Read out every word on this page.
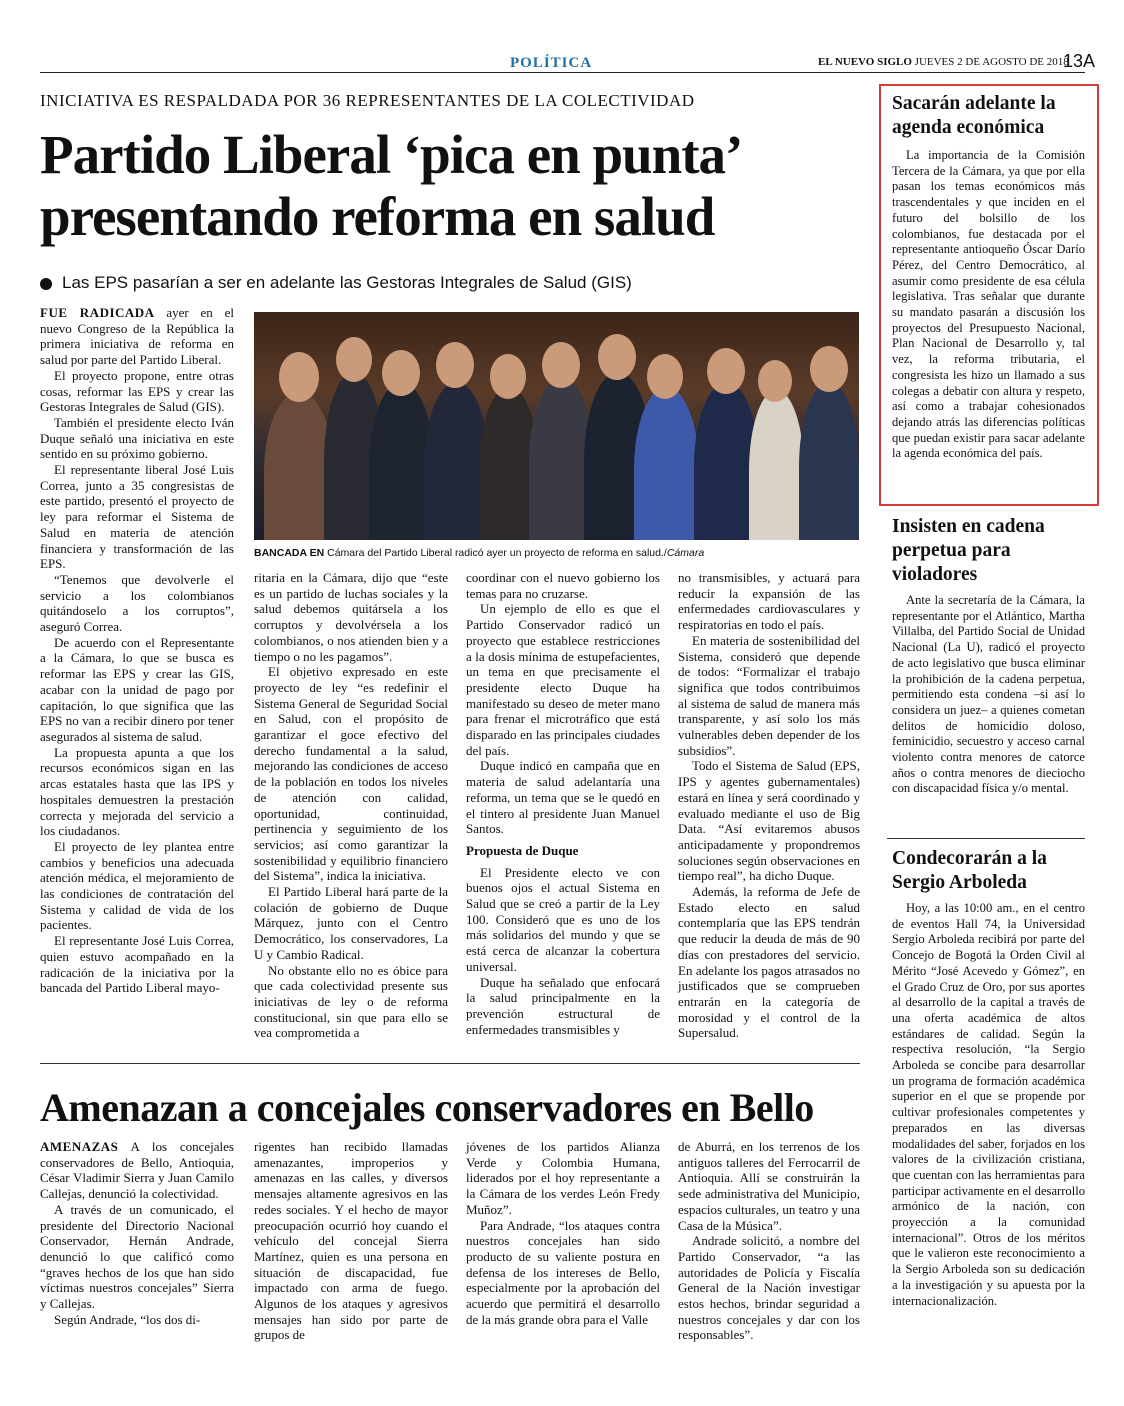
POLÍTICA	EL NUEVO SIGLO JUEVES 2 DE AGOSTO DE 2018
13A
INICIATIVA ES RESPALDADA POR 36 REPRESENTANTES DE LA COLECTIVIDAD
Partido Liberal ‘pica en punta’ presentando reforma en salud
Las EPS pasarían a ser en adelante las Gestoras Integrales de Salud (GIS)

FUE RADICADA ayer en el nuevo Congreso de la República la primera iniciativa de reforma en salud por parte del Partido Liberal.

El proyecto propone, entre otras cosas, reformar las EPS y crear las Gestoras Integrales de Salud (GIS).

También el presidente electo Iván Duque señaló una iniciativa en este sentido en su próximo gobierno.

El representante liberal José Luis Correa, junto a 35 congresistas de este partido, presentó el proyecto de ley para reformar el Sistema de Salud en materia de atención financiera y transformación de las EPS.

“Tenemos que devolverle el servicio a los colombianos quitándoselo a los corruptos”, aseguró Correa.

De acuerdo con el Representante a la Cámara, lo que se busca es reformar las EPS y crear las GIS, acabar con la unidad de pago por capitación, lo que significa que las EPS no van a recibir dinero por tener asegurados al sistema de salud.

La propuesta apunta a que los recursos económicos sigan en las arcas estatales hasta que las IPS y hospitales demuestren la prestación correcta y mejorada del servicio a los ciudadanos.

El proyecto de ley plantea entre cambios y beneficios una adecuada atención médica, el mejoramiento de las condiciones de contratación del Sistema y calidad de vida de los pacientes.

El representante José Luis Correa, quien estuvo acompañado en la radicación de la iniciativa por la bancada del Partido Liberal mayo-

BANCADA EN Cámara del Partido Liberal radicó ayer un proyecto de reforma en salud./Cámara

ritaria en la Cámara, dijo que “este es un partido de luchas sociales y la salud debemos quitársela a los corruptos y devolvérsela a los colombianos, o nos atienden bien y a tiempo o no les pagamos”.

El objetivo expresado en este proyecto de ley “es redefinir el Sistema General de Seguridad Social en Salud, con el propósito de garantizar el goce efectivo del derecho fundamental a la salud, mejorando las condiciones de acceso de la población en todos los niveles de atención con calidad, oportunidad, continuidad, pertinencia y seguimiento de los servicios; así como garantizar la sostenibilidad y equilibrio financiero del Sistema”, indica la iniciativa.

El Partido Liberal hará parte de la colación de gobierno de Duque Márquez, junto con el Centro Democrático, los conservadores, La U y Cambio Radical.

No obstante ello no es óbice para que cada colectividad presente sus iniciativas de ley o de reforma constitucional, sin que para ello se vea comprometida a

coordinar con el nuevo gobierno los temas para no cruzarse.

Un ejemplo de ello es que el Partido Conservador radicó un proyecto que establece restricciones a la dosis mínima de estupefacientes, un tema en que precisamente el presidente electo Duque ha manifestado su deseo de meter mano para frenar el microtráfico que está disparado en las principales ciudades del país.

Duque indicó en campaña que en materia de salud adelantaría una reforma, un tema que se le quedó en el tintero al presidente Juan Manuel Santos.

Propuesta de Duque

El Presidente electo ve con buenos ojos el actual Sistema en Salud que se creó a partir de la Ley 100. Consideró que es uno de los más solidarios del mundo y que se está cerca de alcanzar la cobertura universal.

Duque ha señalado que enfocará la salud principalmente en la prevención estructural de enfermedades transmisibles y

no transmisibles, y actuará para reducir la expansión de las enfermedades cardiovasculares y respiratorias en todo el país.

En materia de sostenibilidad del Sistema, consideró que depende de todos: “Formalizar el trabajo significa que todos contribuimos al sistema de salud de manera más transparente, y así solo los más vulnerables deben depender de los subsidios”.

Todo el Sistema de Salud (EPS, IPS y agentes gubernamentales) estará en línea y será coordinado y evaluado mediante el uso de Big Data. “Así evitaremos abusos anticipadamente y propondremos soluciones según observaciones en tiempo real”, ha dicho Duque.

Además, la reforma de Jefe de Estado electo en salud contemplaría que las EPS tendrán que reducir la deuda de más de 90 días con prestadores del servicio. En adelante los pagos atrasados no justificados que se comprueben entrarán en la categoría de morosidad y el control de la Supersalud.

Amenazan a concejales conservadores en Bello

AMENAZAS A los concejales conservadores de Bello, Antioquia, César Vladimir Sierra y Juan Camilo Callejas, denunció la colectividad.

A través de un comunicado, el presidente del Directorio Nacional Conservador, Hernán Andrade, denunció lo que calificó como “graves hechos de los que han sido víctimas nuestros concejales” Sierra y Callejas.

Según Andrade, “los dos di-

rigentes han recibido llamadas amenazantes, improperios y amenazas en las calles, y diversos mensajes altamente agresivos en las redes sociales. Y el hecho de mayor preocupación ocurrió hoy cuando el vehículo del concejal Sierra Martínez, quien es una persona en situación de discapacidad, fue impactado con arma de fuego. Algunos de los ataques y agresivos mensajes han sido por parte de grupos de

jóvenes de los partidos Alianza Verde y Colombia Humana, liderados por el hoy representante a la Cámara de los verdes León Fredy Muñoz”.

Para Andrade, “los ataques contra nuestros concejales han sido producto de su valiente postura en defensa de los intereses de Bello, especialmente por la aprobación del acuerdo que permitirá el desarrollo de la más grande obra para el Valle

de Aburrá, en los terrenos de los antiguos talleres del Ferrocarril de Antioquia. Allí se construirán la sede administrativa del Municipio, espacios culturales, un teatro y una Casa de la Música”.

Andrade solicitó, a nombre del Partido Conservador, “a las autoridades de Policía y Fiscalía General de la Nación investigar estos hechos, brindar seguridad a nuestros concejales y dar con los responsables”.

Sacarán adelante la agenda económica

La importancia de la Comisión Tercera de la Cámara, ya que por ella pasan los temas económicos más trascendentales y que inciden en el futuro del bolsillo de los colombianos, fue destacada por el representante antioqueño Óscar Darío Pérez, del Centro Democrático, al asumir como presidente de esa célula legislativa. Tras señalar que durante su mandato pasarán a discusión los proyectos del Presupuesto Nacional, Plan Nacional de Desarrollo y, tal vez, la reforma tributaria, el congresista les hizo un llamado a sus colegas a debatir con altura y respeto, así como a trabajar cohesionados dejando atrás las diferencias políticas que puedan existir para sacar adelante la agenda económica del país.

Insisten en cadena perpetua para violadores

Ante la secretaría de la Cámara, la representante por el Atlántico, Martha Villalba, del Partido Social de Unidad Nacional (La U), radicó el proyecto de acto legislativo que busca eliminar la prohibición de la cadena perpetua, permitiendo esta condena –si así lo considera un juez– a quienes cometan delitos de homicidio doloso, feminicidio, secuestro y acceso carnal violento contra menores de catorce años o contra menores de dieciocho con discapacidad física y/o mental.

Condecorarán a la Sergio Arboleda

Hoy, a las 10:00 am., en el centro de eventos Hall 74, la Universidad Sergio Arboleda recibirá por parte del Concejo de Bogotá la Orden Civil al Mérito “José Acevedo y Gómez”, en el Grado Cruz de Oro, por sus aportes al desarrollo de la capital a través de una oferta académica de altos estándares de calidad. Según la respectiva resolución, “la Sergio Arboleda se concibe para desarrollar un programa de formación académica superior en el que se propende por cultivar profesionales competentes y preparados en las diversas modalidades del saber, forjados en los valores de la civilización cristiana, que cuentan con las herramientas para participar activamente en el desarrollo armónico de la nación, con proyección a la comunidad internacional”. Otros de los méritos que le valieron este reconocimiento a la Sergio Arboleda son su dedicación a la investigación y su apuesta por la internacionalización.
